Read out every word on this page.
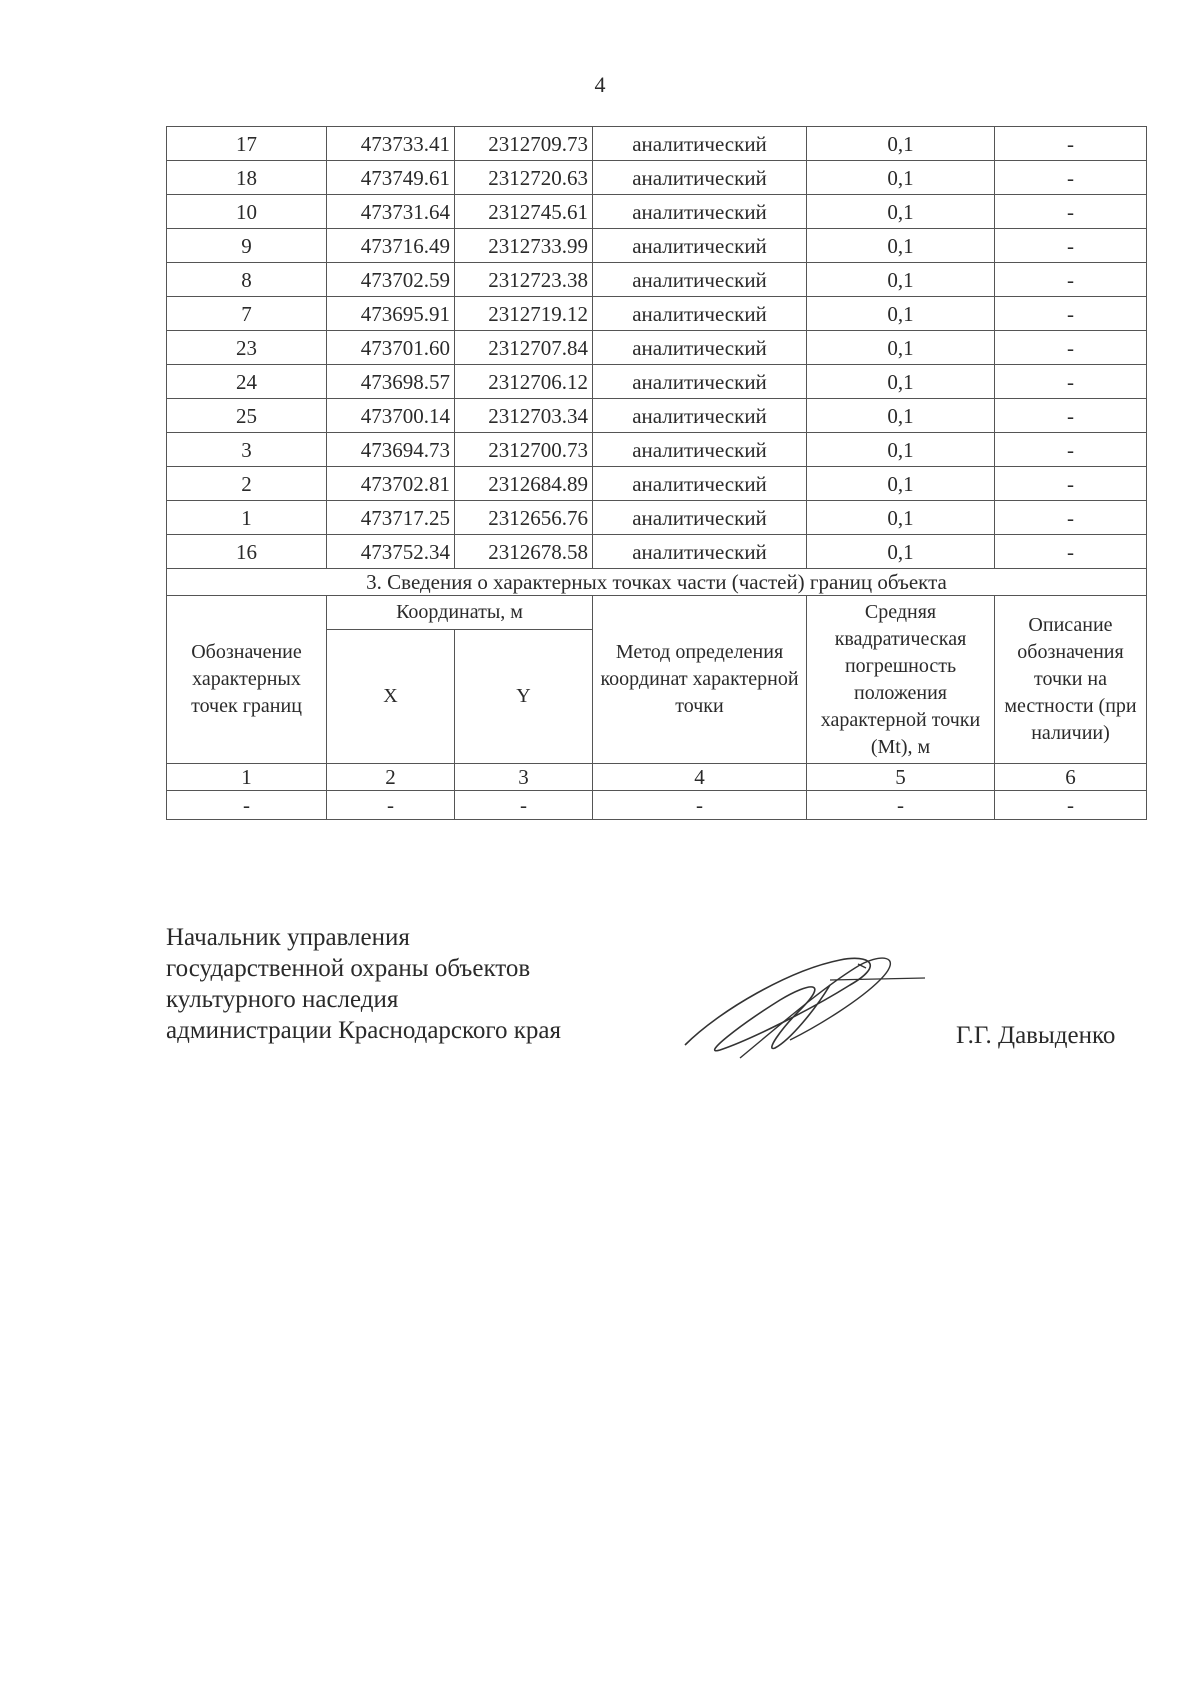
4
17	473733.41	2312709.73	аналитический	0,1	-
18	473749.61	2312720.63	аналитический	0,1	-
10	473731.64	2312745.61	аналитический	0,1	-
9	473716.49	2312733.99	аналитический	0,1	-
8	473702.59	2312723.38	аналитический	0,1	-
7	473695.91	2312719.12	аналитический	0,1	-
23	473701.60	2312707.84	аналитический	0,1	-
24	473698.57	2312706.12	аналитический	0,1	-
25	473700.14	2312703.34	аналитический	0,1	-
3	473694.73	2312700.73	аналитический	0,1	-
2	473702.81	2312684.89	аналитический	0,1	-
1	473717.25	2312656.76	аналитический	0,1	-
16	473752.34	2312678.58	аналитический	0,1	-
3. Сведения о характерных точках части (частей) границ объекта					
Обозначение характерных точек границ	Координаты, м		Метод определения координат характерной точки	Средняя квадратическая погрешность положения характерной точки (Mt), м	Описание обозначения точки на местности (при наличии)
	X	Y			
1	2	3	4	5	6
-	-	-	-	-	-
Начальник управления
государственной охраны объектов
культурного наследия
администрации Краснодарского края	Г.Г. Давыденко
